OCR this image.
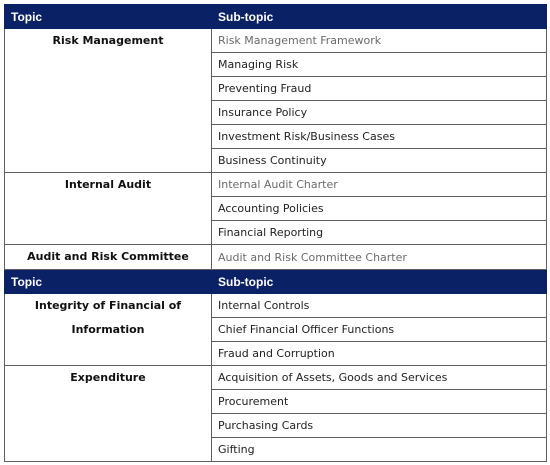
Topic	Sub-topic

Risk Management	Risk Management Framework
	Managing Risk
	Preventing Fraud
	Insurance Policy
	Investment Risk/Business Cases
	Business Continuity

Internal Audit	Internal Audit Charter
	Accounting Policies
	Financial Reporting

Audit and Risk Committee	Audit and Risk Committee Charter
Topic	Sub-topic

Integrity of Financial of
Information	Internal Controls
	Chief Financial Officer Functions
	Fraud and Corruption

Expenditure	Acquisition of Assets, Goods and Services
	Procurement
	Purchasing Cards
	Gifting
